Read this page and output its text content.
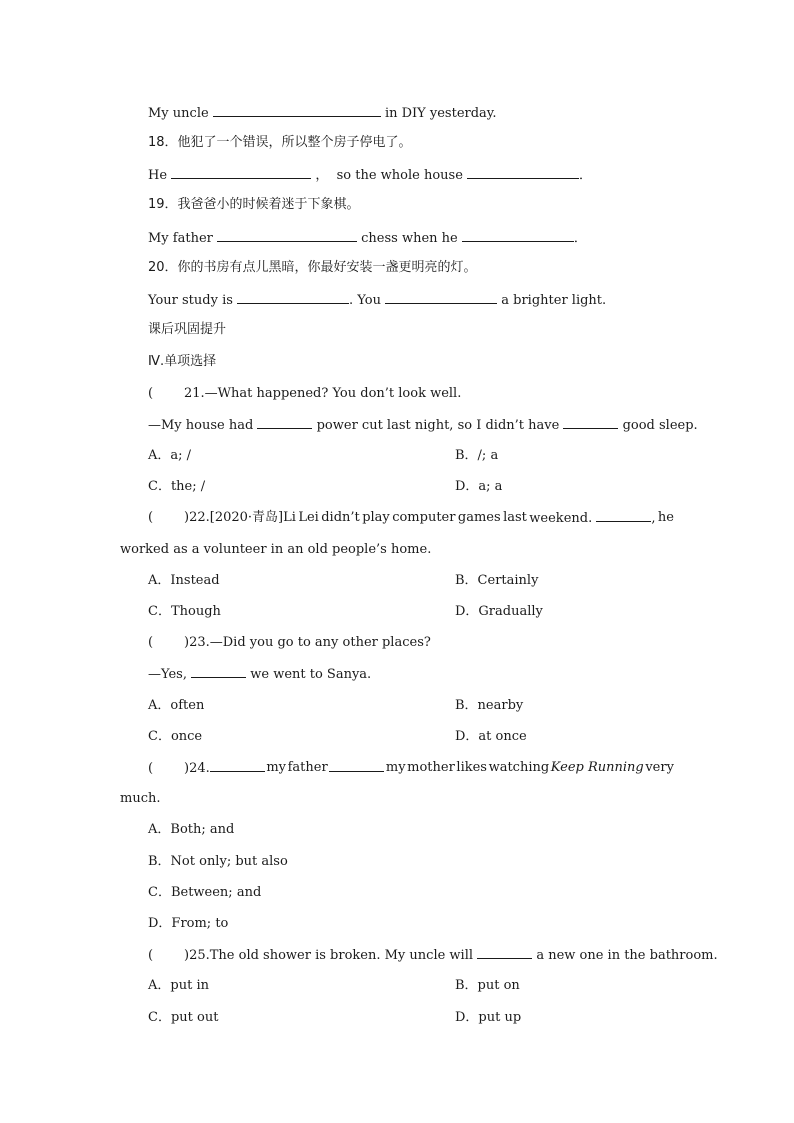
My uncle	in DIY yesterday.
18．他犯了一个错误，所以整个房子停电了。
He	， so the whole house	．
19．我爸爸小的时候着迷于下象棋。
My father	chess when he	．
20．你的书房有点儿黑暗，你最好安装一盏更明亮的灯。
Your study is	. You	a brighter light.
课后巩固提升
Ⅳ.单项选择
( 21.—What happened? You don’t look well.
—My house had	power cut last night, so I didn’t have	good sleep.
A．a; /	B．/; a
C．the; /	D．a; a
( )22.[2020·青岛]Li Lei didn’t play computer games last weekend.	, he
worked as a volunteer in an old people’s home.
A．Instead	B．Certainly
C．Though	D．Gradually
( )23.—Did you go to any other places?
—Yes,	we went to Sanya.
A．often	B．nearby
C．once	D．at once
( )24.	my father	my mother likes watching Keep Running very
much.
A．Both; and
B．Not only; but also
C．Between; and
D．From; to
( )25.The old shower is broken. My uncle will	a new one in the bathroom.
A．put in	B．put on
C．put out	D．put up
